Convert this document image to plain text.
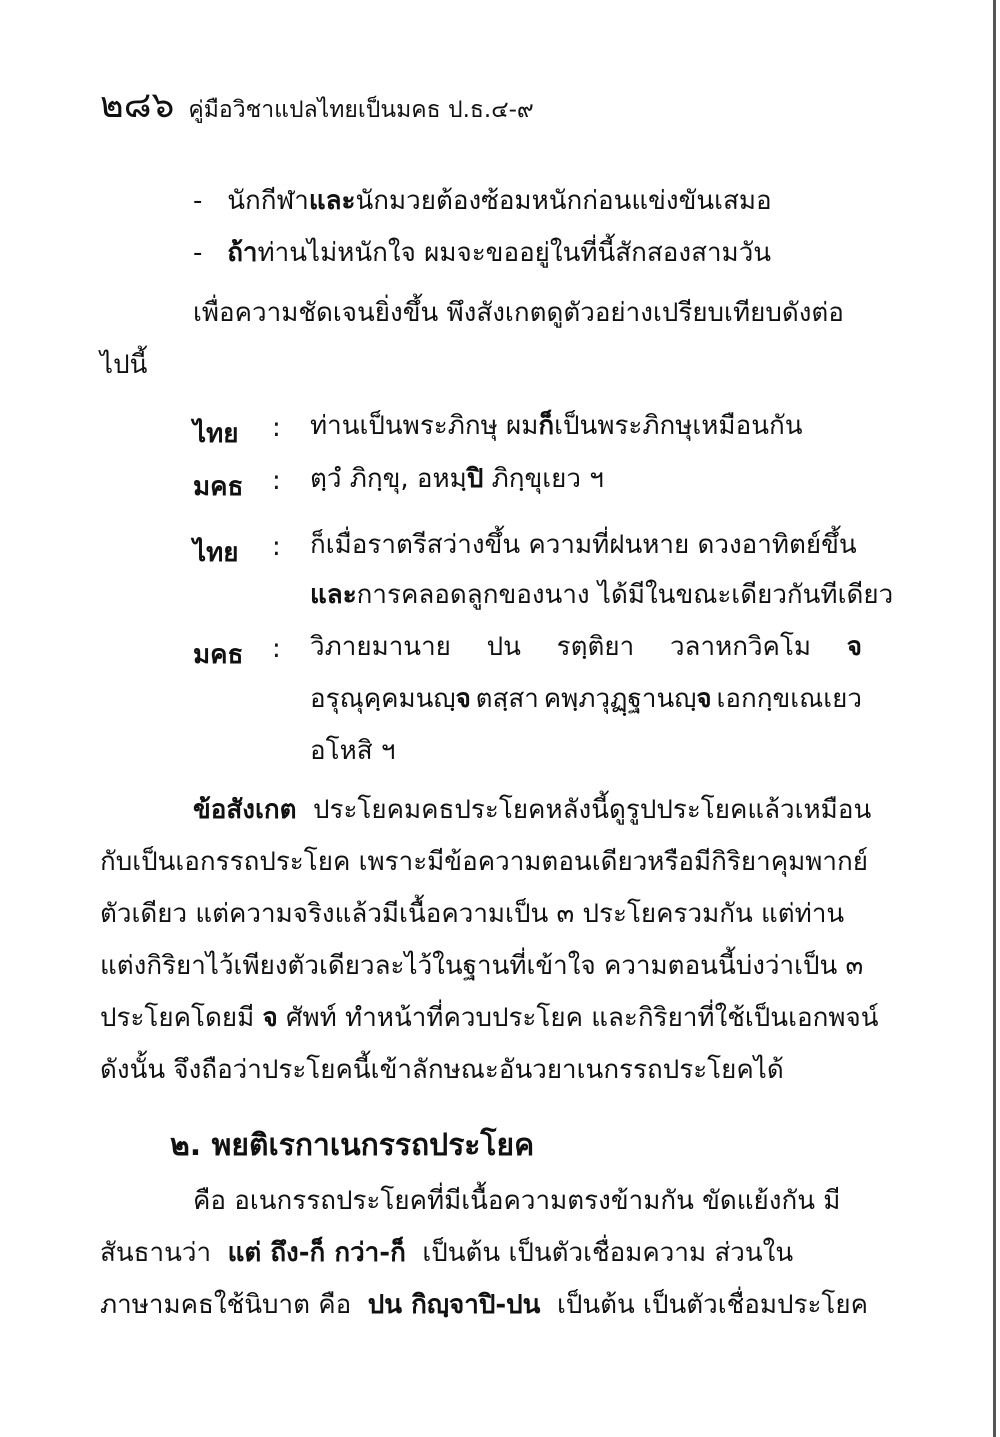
๒๘๖ คู่มือวิชาแปลไทยเป็นมคธ ป.ธ.๔-๙
- นักกีฬาและนักมวยต้องซ้อมหนักก่อนแข่งขันเสมอ
- ถ้าท่านไม่หนักใจ ผมจะขออยู่ในที่นี้สักสองสามวัน
เพื่อความชัดเจนยิ่งขึ้น พึงสังเกตดูตัวอย่างเปรียบเทียบดังต่อ
ไปนี้
ไทย : ท่านเป็นพระภิกษุ ผมก็เป็นพระภิกษุเหมือนกัน
มคธ : ตฺวํ ภิกฺขุ, อหมฺปิ ภิกฺขุเยว ฯ
ไทย : ก็เมื่อราตรีสว่างขึ้น ความที่ฝนหาย ดวงอาทิตย์ขึ้น
และการคลอดลูกของนาง ได้มีในขณะเดียวกันทีเดียว
มคธ : วิภายมานาย ปน รตฺติยา วลาหกวิคโม จ
อรุณุคฺคมนญฺจ ตสฺสา คพฺภวุฏฺฐานญฺจ เอกกฺขเณเยว
อโหสิ ฯ
ข้อสังเกต ประโยคมคธประโยคหลังนี้ดูรูปประโยคแล้วเหมือน
กับเป็นเอกรรถประโยค เพราะมีข้อความตอนเดียวหรือมีกิริยาคุมพากย์
ตัวเดียว แต่ความจริงแล้วมีเนื้อความเป็น ๓ ประโยครวมกัน แต่ท่าน
แต่งกิริยาไว้เพียงตัวเดียวละไว้ในฐานที่เข้าใจ ความตอนนี้บ่งว่าเป็น ๓
ประโยคโดยมี จ ศัพท์ ทำหน้าที่ควบประโยค และกิริยาที่ใช้เป็นเอกพจน์
ดังนั้น จึงถือว่าประโยคนี้เข้าลักษณะอันวยาเนกรรถประโยคได้
๒. พยติเรกาเนกรรถประโยค
คือ อเนกรรถประโยคที่มีเนื้อความตรงข้ามกัน ขัดแย้งกัน มี
สันธานว่า แต่ ถึง-ก็ กว่า-ก็ เป็นต้น เป็นตัวเชื่อมความ ส่วนใน
ภาษามคธใช้นิบาต คือ ปน กิญฺจาปิ-ปน เป็นต้น เป็นตัวเชื่อมประโยค
